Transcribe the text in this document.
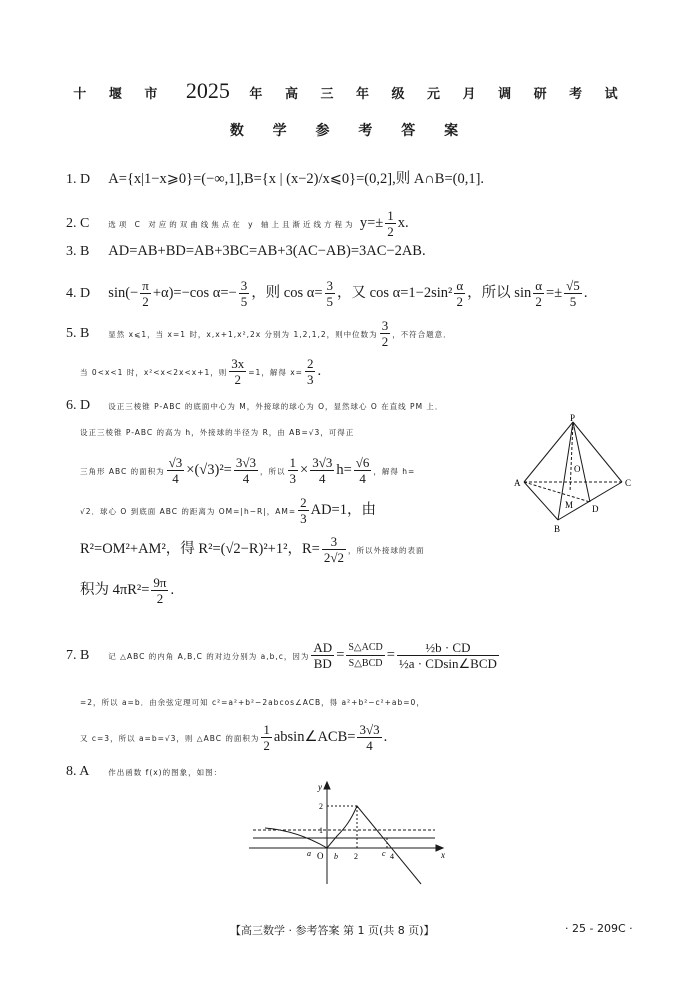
十 堰 市 2025 年 高 三 年 级 元 月 调 研 考 试
数 学 参 考 答 案
1. D A={x|1−x⩾0}=(−∞,1],B={x | (x−2)/x⩽0}=(0,2],则 A∩B=(0,1].
2. C	选项 C 对应的双曲线焦点在 y 轴上且渐近线方程为 $y=\pm \frac{1}{2} x$.
3. B AD=AB+BD=AB+3BC=AB+3(AC−AB)=3AC−2AB.
4. D $\sin(- \frac{\pi}{2} +\alpha)=-\cos$ $\alpha=- \frac{3}{5}$ ，则 $\cos \alpha= \frac{3}{5}$ ，又 $\cos \alpha=1-2\sin^2 \frac{\alpha}{2}$ ，所以 $\sin \frac{\alpha}{2} =\pm \frac{√5}{5}$ .
5. B	显然 x⩽1，当 x=1 时，x,x+1,x²,2x 分别为 1,2,1,2，则中位数为 $\frac{3}{2}$ ，不符合题意．
当 0<x<1 时，x²<x<2x<x+1，则 $\frac{3x}{2} =1$，解得 $x= \frac{2}{3}$ .
6. D 设正三棱锥 P-ABC 的底面中心为 M，外接球的球心为 O，显然球心 O 在直线 PM 上．
设正三棱锥 P-ABC 的高为 h，外接球的半径为 R，由 AB=√3，可得正
三角形 ABC 的面积为 $\frac{√3}{4} \times(√3)^2= \frac{3√3}{4}$ ，所以 $\frac{1}{3} \times \frac{3√3}{4} h= \frac{√6}{4}$ ，解得 h=
√2．球心 O 到底面 ABC 的距离为 OM=|h−R|，$AM= \frac{2}{3} AD=1$，由
R²=OM²+AM²，得 R²=(√2−R)²+1²，$R= \frac{3}{2√2}$ ，所以外接球的表面
积为 $4\pi R^2= \frac{9\pi}{2}$ .
P
O
A	C
M D
B
7. B	记 △ABC 的内角 A,B,C 的对边分别为 a,b,c，因为 $\frac{AD}{BD} = \frac{\text{S△ACD}}{\text{S△BCD}} = \frac{\text{½b · CD}}{\text{½a · CDsin∠BCD}}$
=2，所以 a=b．由余弦定理可知 c²=a²+b²−2abcos∠ACB，得 a²+b²−c²+ab=0，
又 c=3，所以 a=b=√3，则 △ABC 的面积为 $\frac{1}{2}$ absin∠ACB= $\frac{3√3}{4}$ .
8. A	作出函数 f(x)的图象，如图：
y
x
O
a	b 2	c 4
2
1
【高三数学 · 参考答案 第 1 页(共 8 页)】	· 25 - 209C ·
